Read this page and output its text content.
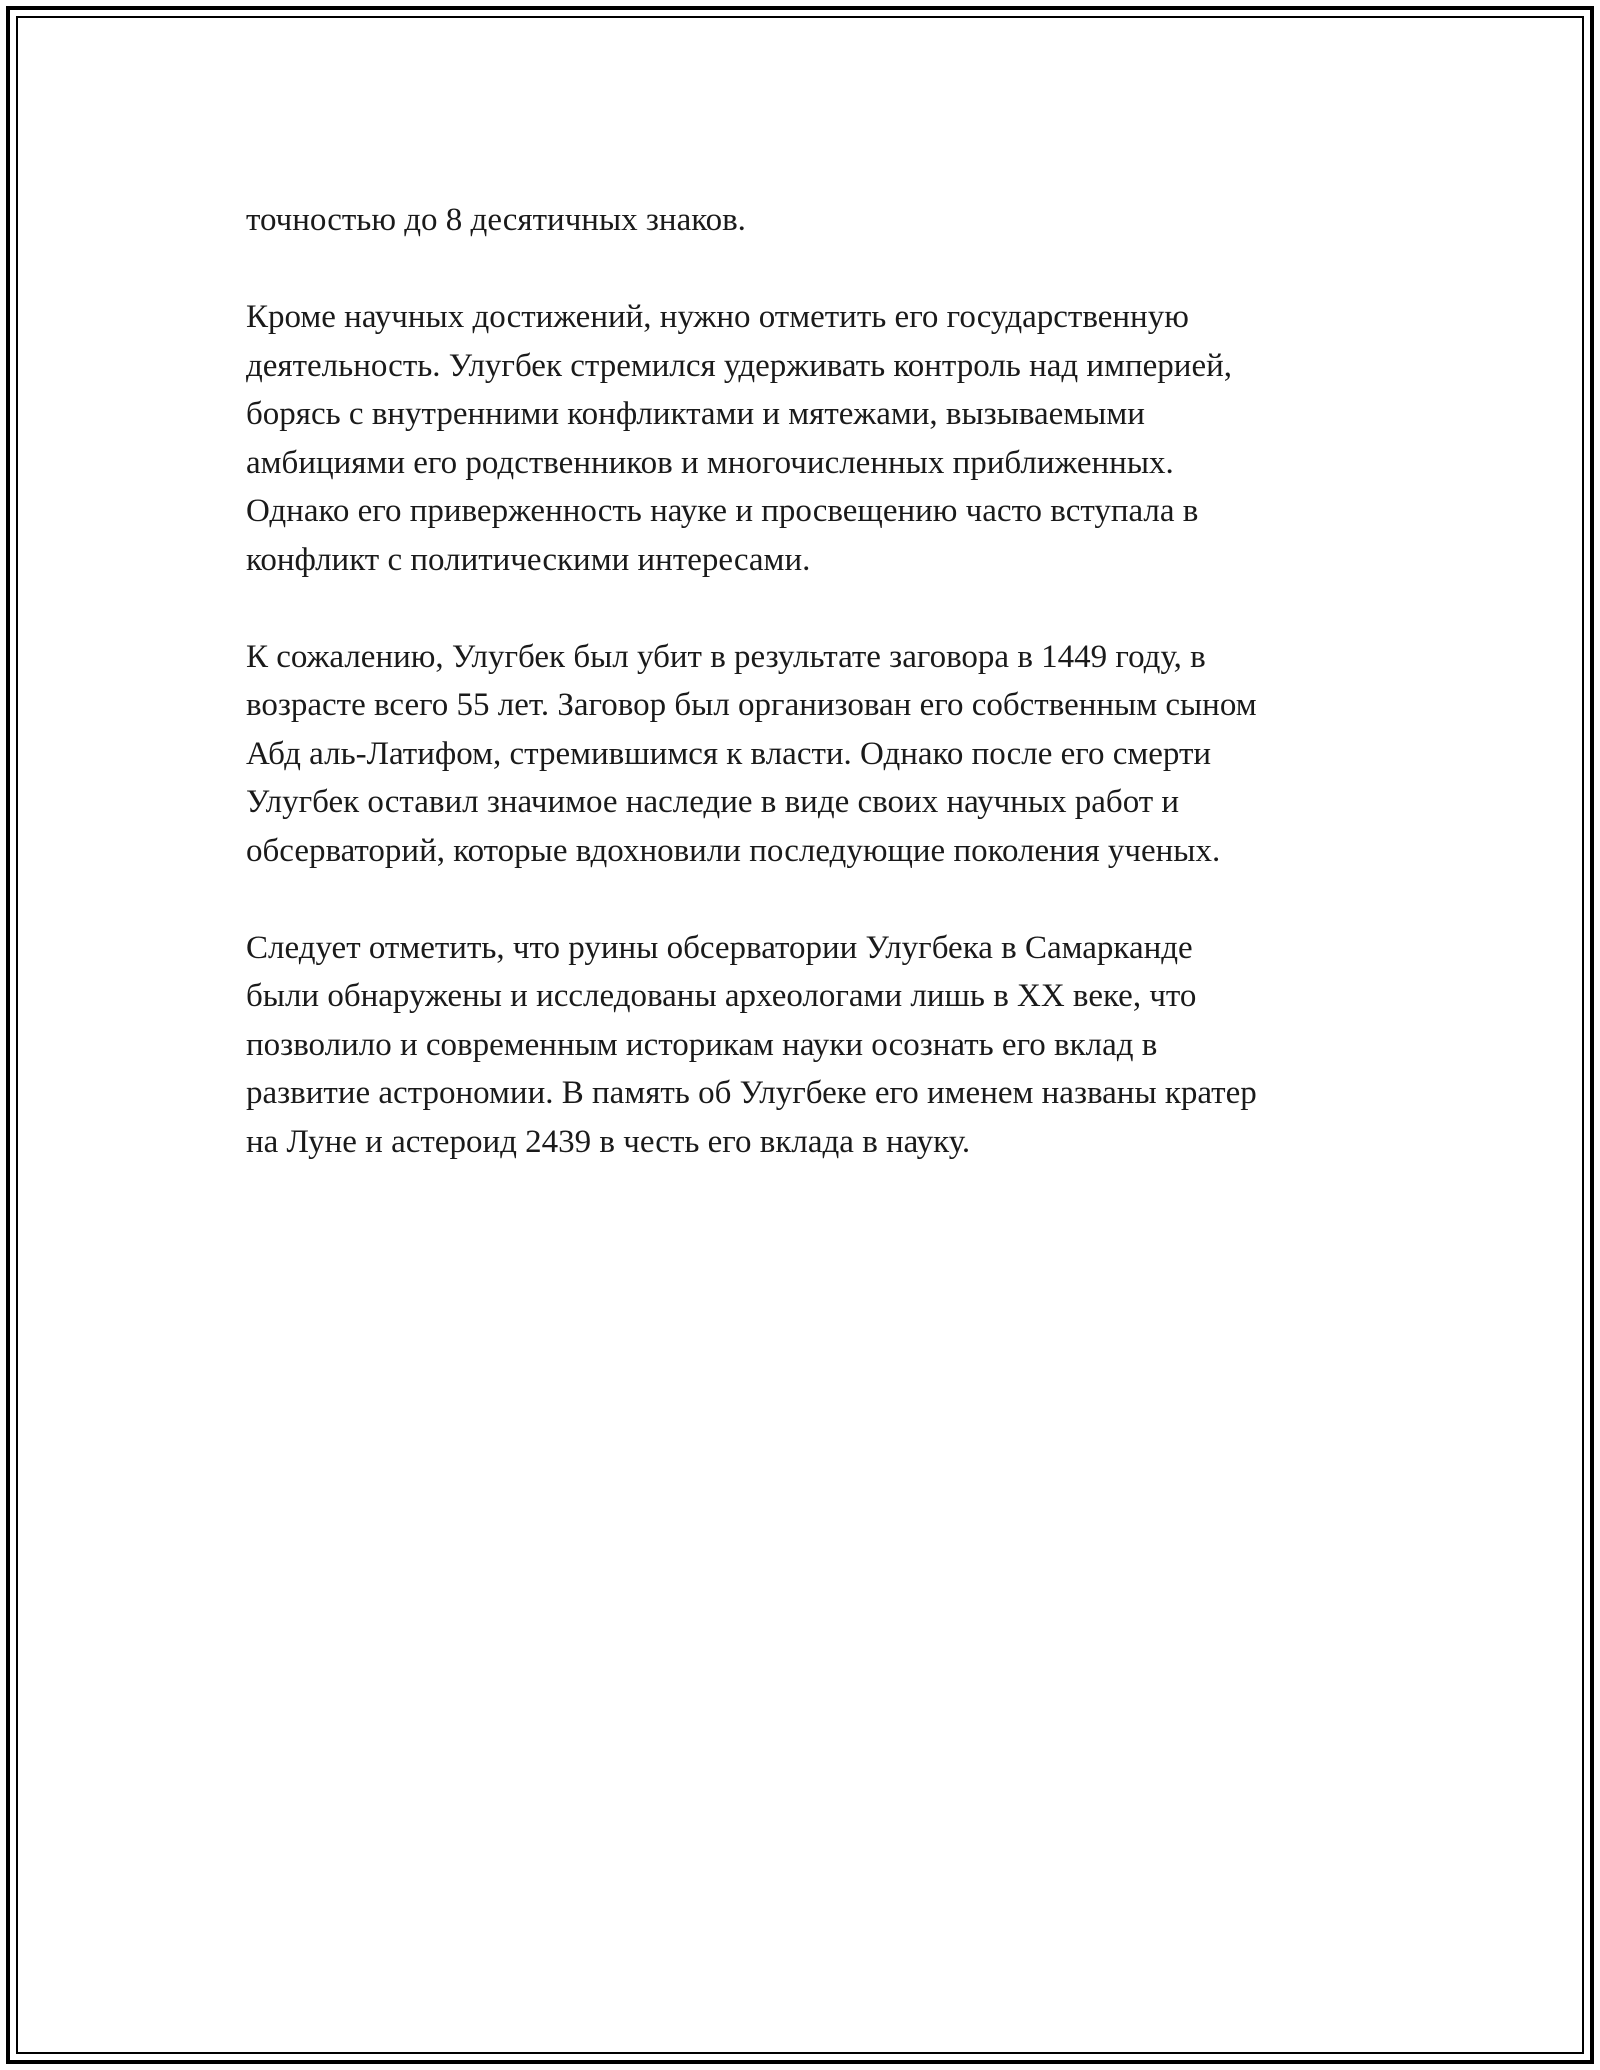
точностью до 8 десятичных знаков.

Кроме научных достижений, нужно отметить его государственную
деятельность. Улугбек стремился удерживать контроль над империей,
борясь с внутренними конфликтами и мятежами, вызываемыми
амбициями его родственников и многочисленных приближенных.
Однако его приверженность науке и просвещению часто вступала в
конфликт с политическими интересами.

К сожалению, Улугбек был убит в результате заговора в 1449 году, в
возрасте всего 55 лет. Заговор был организован его собственным сыном
Абд аль-Латифом, стремившимся к власти. Однако после его смерти
Улугбек оставил значимое наследие в виде своих научных работ и
обсерваторий, которые вдохновили последующие поколения ученых.

Следует отметить, что руины обсерватории Улугбека в Самарканде
были обнаружены и исследованы археологами лишь в XX веке, что
позволило и современным историкам науки осознать его вклад в
развитие астрономии. В память об Улугбеке его именем названы кратер
на Луне и астероид 2439 в честь его вклада в науку.
